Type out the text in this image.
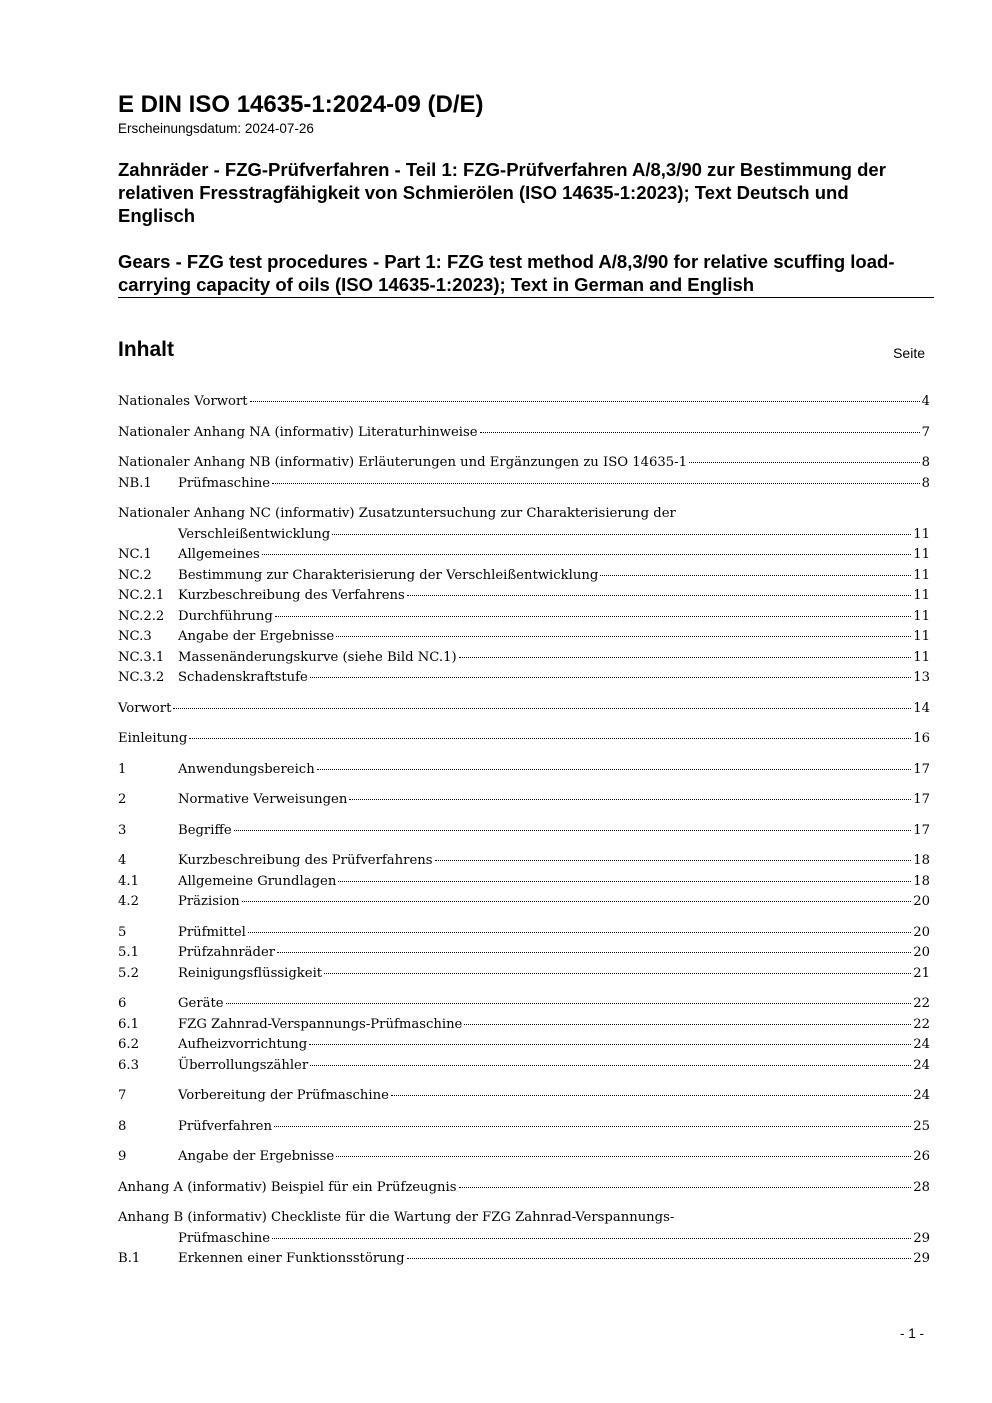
E DIN ISO 14635-1:2024-09 (D/E)
Erscheinungsdatum: 2024-07-26
Zahnräder - FZG-Prüfverfahren - Teil 1: FZG-Prüfverfahren A/8,3/90 zur Bestimmung der relativen Fresstragfähigkeit von Schmierölen (ISO 14635-1:2023); Text Deutsch und Englisch
Gears - FZG test procedures - Part 1: FZG test method A/8,3/90 for relative scuffing load-carrying capacity of oils (ISO 14635-1:2023); Text in German and English
Inhalt	Seite
Nationales Vorwort	4
Nationaler Anhang NA (informativ) Literaturhinweise	7
Nationaler Anhang NB (informativ) Erläuterungen und Ergänzungen zu ISO 14635-1	8
NB.1	Prüfmaschine	8
Nationaler Anhang NC (informativ) Zusatzuntersuchung zur Charakterisierung der
Verschleißentwicklung	11
NC.1	Allgemeines	11
NC.2	Bestimmung zur Charakterisierung der Verschleißentwicklung	11
NC.2.1	Kurzbeschreibung des Verfahrens	11
NC.2.2	Durchführung	11
NC.3	Angabe der Ergebnisse	11
NC.3.1	Massenänderungskurve (siehe Bild NC.1)	11
NC.3.2	Schadenskraftstufe	13
Vorwort	14
Einleitung	16
1	Anwendungsbereich	17
2	Normative Verweisungen	17
3	Begriffe	17
4	Kurzbeschreibung des Prüfverfahrens	18
4.1	Allgemeine Grundlagen	18
4.2	Präzision	20
5	Prüfmittel	20
5.1	Prüfzahnräder	20
5.2	Reinigungsflüssigkeit	21
6	Geräte	22
6.1	FZG Zahnrad-Verspannungs-Prüfmaschine	22
6.2	Aufheizvorrichtung	24
6.3	Überrollungszähler	24
7	Vorbereitung der Prüfmaschine	24
8	Prüfverfahren	25
9	Angabe der Ergebnisse	26
Anhang A (informativ) Beispiel für ein Prüfzeugnis	28
Anhang B (informativ) Checkliste für die Wartung der FZG Zahnrad-Verspannungs-
Prüfmaschine	29
B.1	Erkennen einer Funktionsstörung	29
- 1 -
